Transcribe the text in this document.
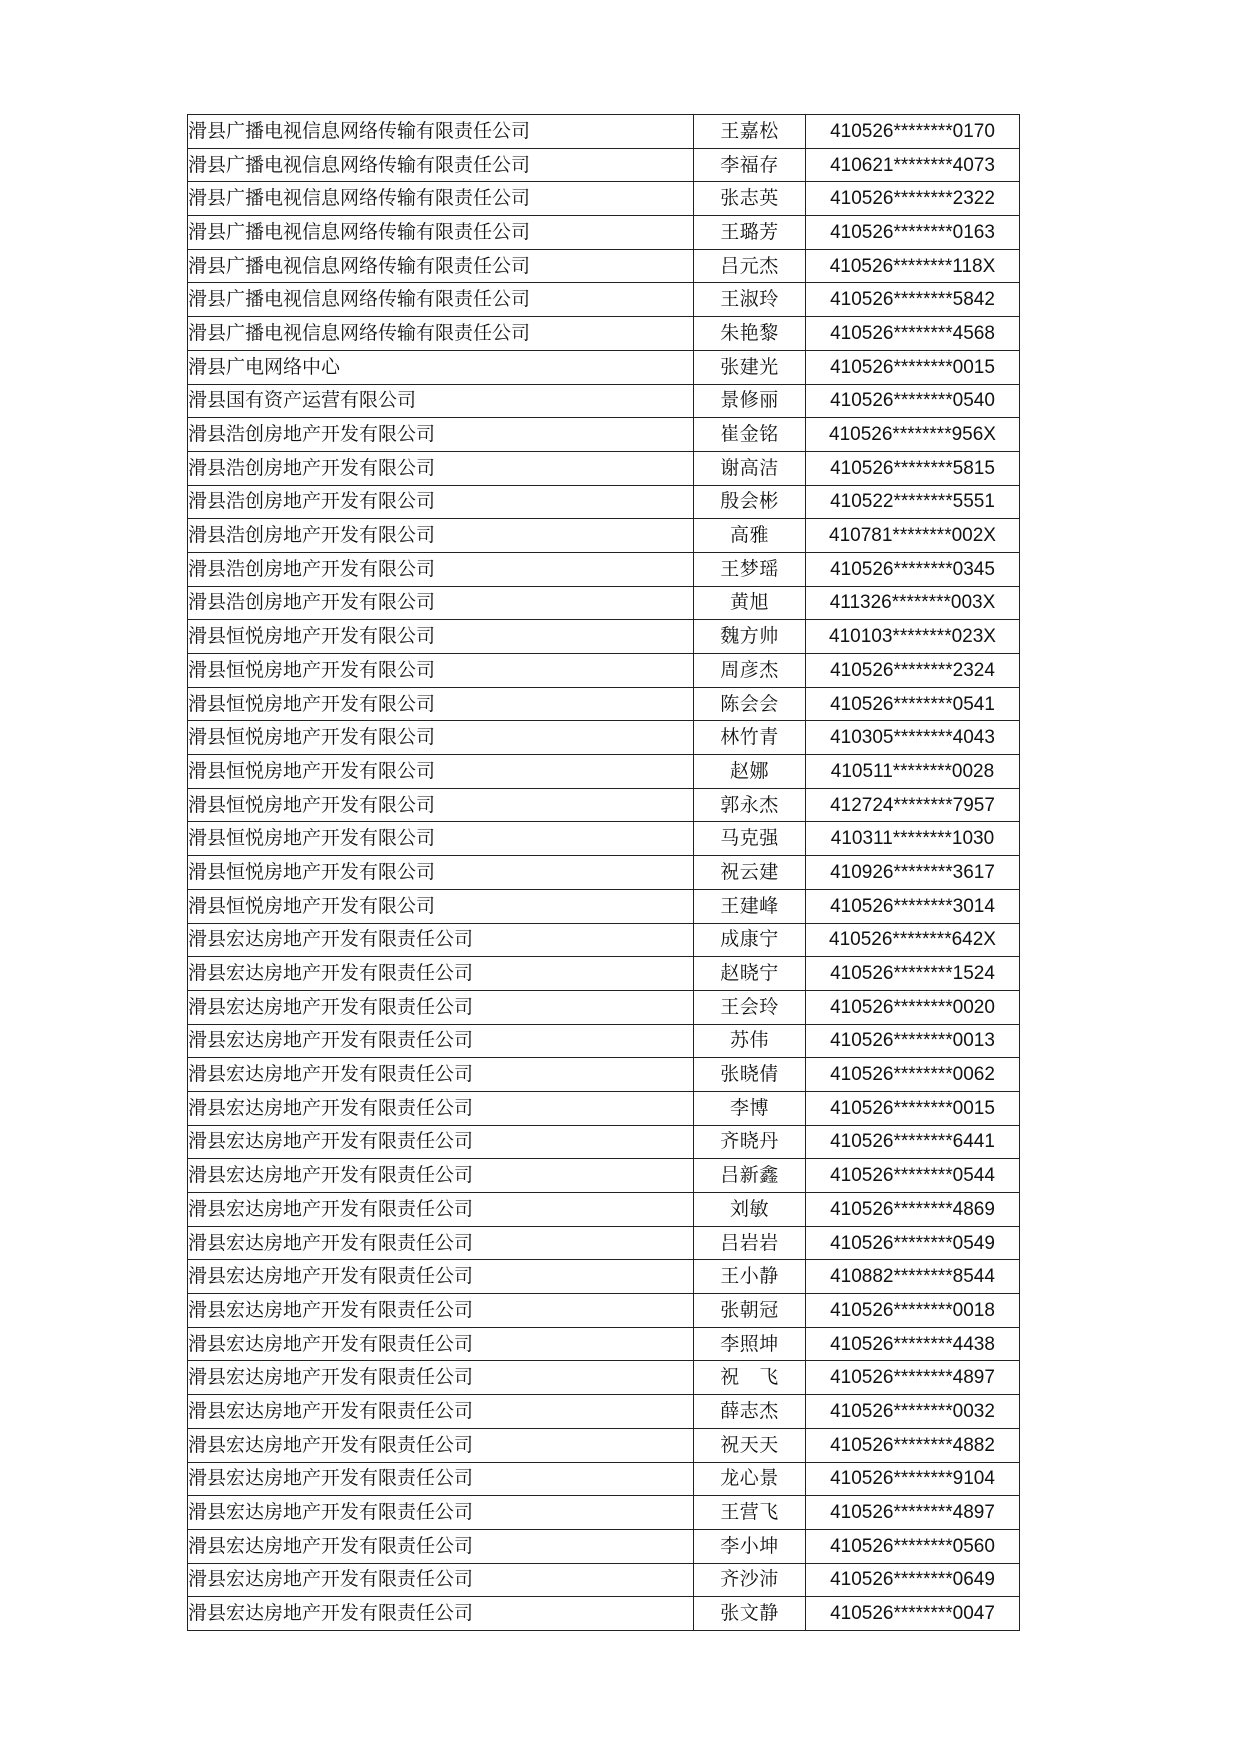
滑县广播电视信息网络传输有限责任公司	王嘉松	410526********0170
滑县广播电视信息网络传输有限责任公司	李福存	410621********4073
滑县广播电视信息网络传输有限责任公司	张志英	410526********2322
滑县广播电视信息网络传输有限责任公司	王璐芳	410526********0163
滑县广播电视信息网络传输有限责任公司	吕元杰	410526********118X
滑县广播电视信息网络传输有限责任公司	王淑玲	410526********5842
滑县广播电视信息网络传输有限责任公司	朱艳黎	410526********4568
滑县广电网络中心	张建光	410526********0015
滑县国有资产运营有限公司	景修丽	410526********0540
滑县浩创房地产开发有限公司	崔金铭	410526********956X
滑县浩创房地产开发有限公司	谢高洁	410526********5815
滑县浩创房地产开发有限公司	殷会彬	410522********5551
滑县浩创房地产开发有限公司	高雅	410781********002X
滑县浩创房地产开发有限公司	王梦瑶	410526********0345
滑县浩创房地产开发有限公司	黄旭	411326********003X
滑县恒悦房地产开发有限公司	魏方帅	410103********023X
滑县恒悦房地产开发有限公司	周彦杰	410526********2324
滑县恒悦房地产开发有限公司	陈会会	410526********0541
滑县恒悦房地产开发有限公司	林竹青	410305********4043
滑县恒悦房地产开发有限公司	赵娜	410511********0028
滑县恒悦房地产开发有限公司	郭永杰	412724********7957
滑县恒悦房地产开发有限公司	马克强	410311********1030
滑县恒悦房地产开发有限公司	祝云建	410926********3617
滑县恒悦房地产开发有限公司	王建峰	410526********3014
滑县宏达房地产开发有限责任公司	成康宁	410526********642X
滑县宏达房地产开发有限责任公司	赵晓宁	410526********1524
滑县宏达房地产开发有限责任公司	王会玲	410526********0020
滑县宏达房地产开发有限责任公司	苏伟	410526********0013
滑县宏达房地产开发有限责任公司	张晓倩	410526********0062
滑县宏达房地产开发有限责任公司	李博	410526********0015
滑县宏达房地产开发有限责任公司	齐晓丹	410526********6441
滑县宏达房地产开发有限责任公司	吕新鑫	410526********0544
滑县宏达房地产开发有限责任公司	刘敏	410526********4869
滑县宏达房地产开发有限责任公司	吕岩岩	410526********0549
滑县宏达房地产开发有限责任公司	王小静	410882********8544
滑县宏达房地产开发有限责任公司	张朝冠	410526********0018
滑县宏达房地产开发有限责任公司	李照坤	410526********4438
滑县宏达房地产开发有限责任公司	祝　飞	410526********4897
滑县宏达房地产开发有限责任公司	薛志杰	410526********0032
滑县宏达房地产开发有限责任公司	祝天天	410526********4882
滑县宏达房地产开发有限责任公司	龙心景	410526********9104
滑县宏达房地产开发有限责任公司	王营飞	410526********4897
滑县宏达房地产开发有限责任公司	李小坤	410526********0560
滑县宏达房地产开发有限责任公司	齐沙沛	410526********0649
滑县宏达房地产开发有限责任公司	张文静	410526********0047
